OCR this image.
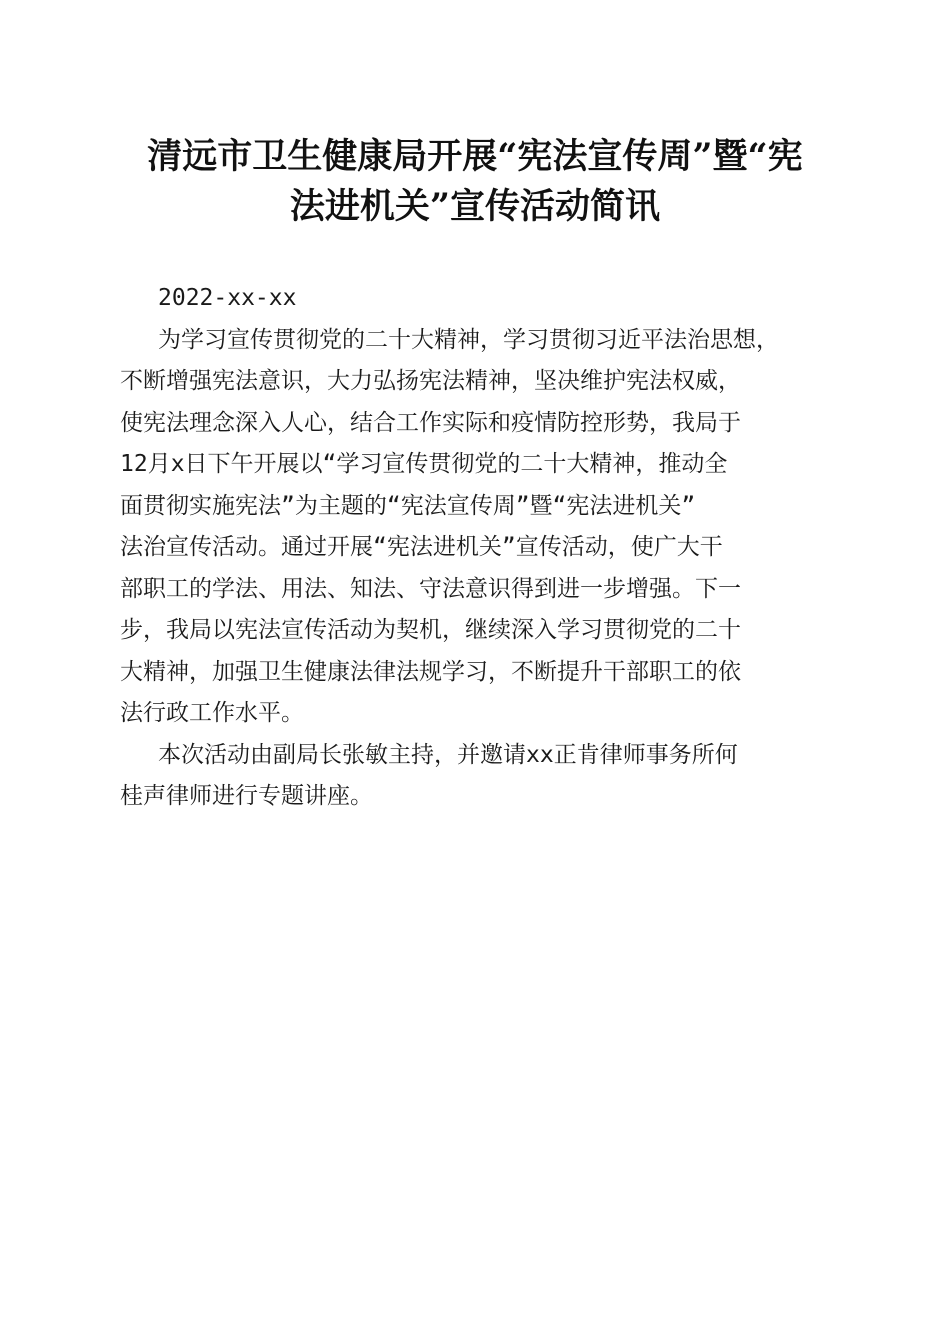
清远市卫生健康局开展“宪法宣传周”暨“宪
法进机关”宣传活动简讯
2022-xx-xx
为学习宣传贯彻党的二十大精神，学习贯彻习近平法治思想，
不断增强宪法意识，大力弘扬宪法精神，坚决维护宪法权威，
使宪法理念深入人心，结合工作实际和疫情防控形势，我局于
12月x日下午开展以“学习宣传贯彻党的二十大精神，推动全
面贯彻实施宪法”为主题的“宪法宣传周”暨“宪法进机关”
法治宣传活动。通过开展“宪法进机关”宣传活动，使广大干
部职工的学法、用法、知法、守法意识得到进一步增强。下一
步，我局以宪法宣传活动为契机，继续深入学习贯彻党的二十
大精神，加强卫生健康法律法规学习，不断提升干部职工的依
法行政工作水平。
本次活动由副局长张敏主持，并邀请xx正肯律师事务所何
桂声律师进行专题讲座。
